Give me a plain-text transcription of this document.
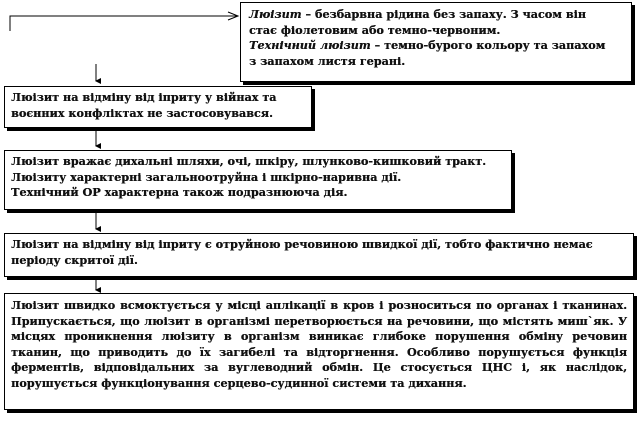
Люізит – безбарвна рідина без запаху. З часом він
стає фіолетовим або темно-червоним.
Технічний люізит – темно-бурого кольору та запахом
з запахом листя герані.
Люізит на відміну від іприту у війнах та
воєнних конфліктах не застосовувався.
Люізит вражає дихальні шляхи, очі, шкіру, шлунково-кишковий тракт.
Люізиту характерні загальноотруйна і шкірно-наривна дії.
Технічний ОР характерна також подразнююча дія.
Люізит на відміну від іприту є отруйною речовиною швидкої дії, тобто фактично немає
періоду скритої дії.
Люізит швидко всмоктується у місці аплікації в кров і розноситься по органах і тканинах. Припускається, що люізит в організмі перетворюється на речовини, що містять миш`як. У місцях проникнення люізиту в організм виникає глибоке порушення обміну речовин тканин, що приводить до їх загибелі та відторгнення. Особливо порушується функція ферментів, відповідальних за вуглеводний обмін. Це стосується ЦНС і, як наслідок, порушується функціонування серцево-судинної системи та дихання.
